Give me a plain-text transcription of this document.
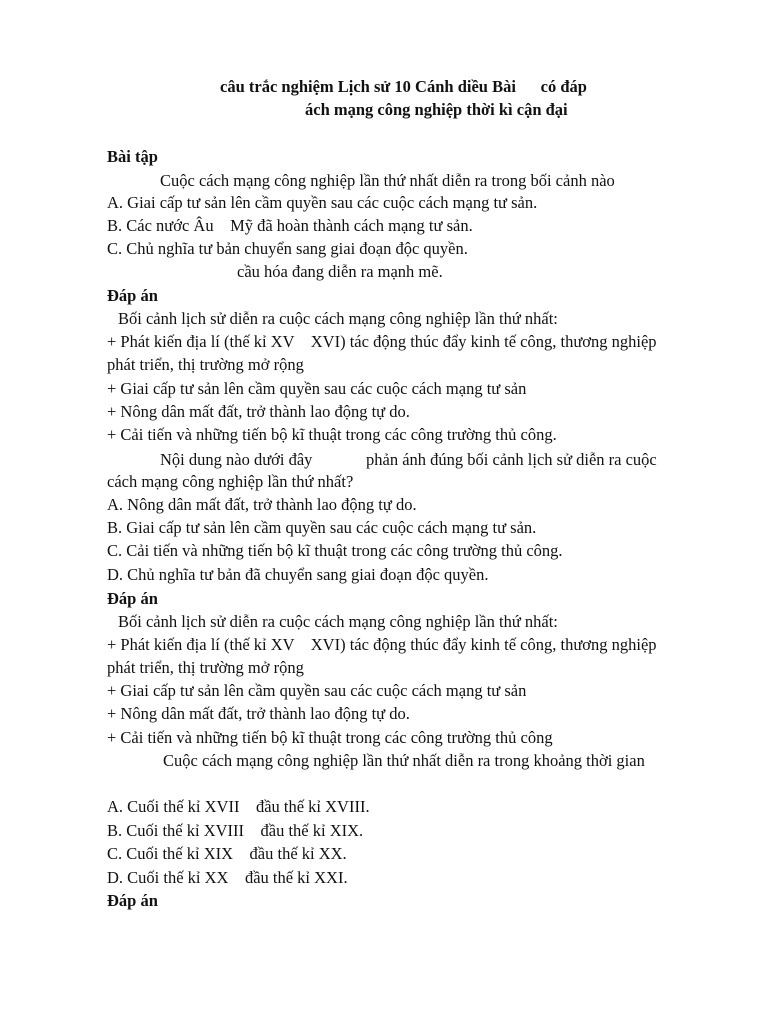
câu trắc nghiệm Lịch sử 10 Cánh diều Bài      có đáp
ách mạng công nghiệp thời kì cận đại
Bài tập
Cuộc cách mạng công nghiệp lần thứ nhất diễn ra trong bối cảnh nào
A. Giai cấp tư sản lên cầm quyền sau các cuộc cách mạng tư sản.
B. Các nước Âu    Mỹ đã hoàn thành cách mạng tư sản.
C. Chủ nghĩa tư bản chuyển sang giai đoạn độc quyền.
cầu hóa đang diễn ra mạnh mẽ.
Đáp án
Bối cảnh lịch sử diễn ra cuộc cách mạng công nghiệp lần thứ nhất:
+ Phát kiến địa lí (thế kỉ XV    XVI) tác động thúc đẩy kinh tế công, thương nghiệp
phát triển, thị trường mở rộng
+ Giai cấp tư sản lên cầm quyền sau các cuộc cách mạng tư sản
+ Nông dân mất đất, trở thành lao động tự do.
+ Cải tiến và những tiến bộ kĩ thuật trong các công trường thủ công.
Nội dung nào dưới đây             phản ánh đúng bối cảnh lịch sử diễn ra cuộc
cách mạng công nghiệp lần thứ nhất?
A. Nông dân mất đất, trở thành lao động tự do.
B. Giai cấp tư sản lên cầm quyền sau các cuộc cách mạng tư sản.
C. Cải tiến và những tiến bộ kĩ thuật trong các công trường thủ công.
D. Chủ nghĩa tư bản đã chuyển sang giai đoạn độc quyền.
Đáp án
Bối cảnh lịch sử diễn ra cuộc cách mạng công nghiệp lần thứ nhất:
+ Phát kiến địa lí (thế kỉ XV    XVI) tác động thúc đẩy kinh tế công, thương nghiệp
phát triển, thị trường mở rộng
+ Giai cấp tư sản lên cầm quyền sau các cuộc cách mạng tư sản
+ Nông dân mất đất, trở thành lao động tự do.
+ Cải tiến và những tiến bộ kĩ thuật trong các công trường thủ công
Cuộc cách mạng công nghiệp lần thứ nhất diễn ra trong khoảng thời gian
A. Cuối thế kỉ XVII    đầu thế kỉ XVIII.
B. Cuối thế kỉ XVIII    đầu thế kỉ XIX.
C. Cuối thế kỉ XIX    đầu thế kỉ XX.
D. Cuối thế kỉ XX    đầu thế kỉ XXI.
Đáp án
